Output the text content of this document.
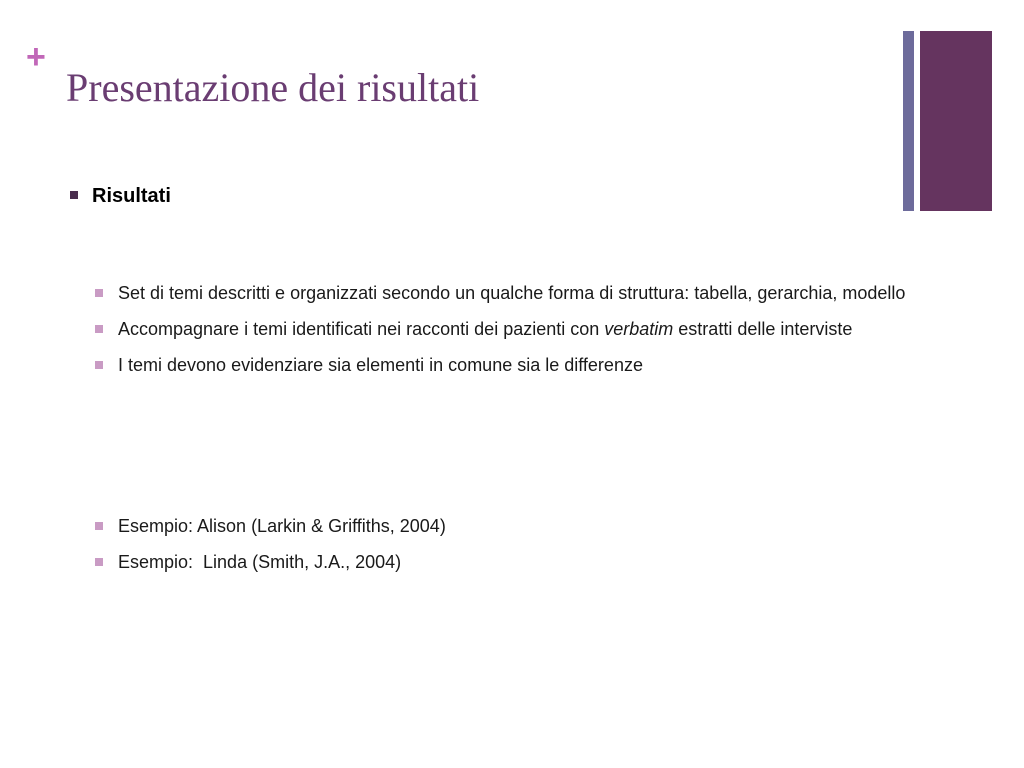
+
Presentazione dei risultati
Risultati
Set di temi descritti e organizzati secondo un qualche forma di struttura: tabella, gerarchia, modello
Accompagnare i temi identificati nei racconti dei pazienti con verbatim estratti delle interviste
I temi devono evidenziare sia elementi in comune sia le differenze
Esempio: Alison (Larkin & Griffiths, 2004)
Esempio:  Linda (Smith, J.A., 2004)
